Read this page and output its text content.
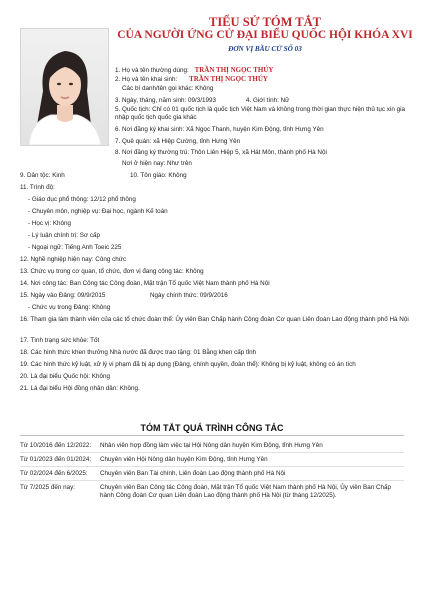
TIỂU SỬ TÓM TẮT
CỦA NGƯỜI ỨNG CỬ ĐẠI BIỂU QUỐC HỘI KHÓA XVI
ĐƠN VỊ BẦU CỬ SỐ 03
1. Họ và tên thường dùng: TRẦN THỊ NGỌC THÚY
2. Họ và tên khai sinh: TRẦN THỊ NGỌC THÚY
Các bí danh/tên gọi khác: Không
3. Ngày, tháng, năm sinh: 09/3/1993	4. Giới tính: Nữ
5. Quốc tịch: Chỉ có 01 quốc tịch là quốc tịch Việt Nam và không trong thời gian thực hiện thủ tục xin gia nhập quốc tịch quốc gia khác
6. Nơi đăng ký khai sinh: Xã Ngọc Thanh, huyện Kim Động, tỉnh Hưng Yên
7. Quê quán: xã Hiệp Cường, tỉnh Hưng Yên
8. Nơi đăng ký thường trú: Thôn Liên Hiệp 5, xã Hát Môn, thành phố Hà Nội
Nơi ở hiện nay: Như trên
9. Dân tộc: Kinh	10. Tôn giáo: Không
11. Trình độ:
- Giáo dục phổ thông: 12/12 phổ thông
- Chuyên môn, nghiệp vụ: Đại học, ngành Kế toán
- Học vị: Không
- Lý luận chính trị: Sơ cấp
- Ngoại ngữ: Tiếng Anh Toeic 225
12. Nghề nghiệp hiện nay: Công chức
13. Chức vụ trong cơ quan, tổ chức, đơn vị đang công tác: Không
14. Nơi công tác: Ban Công tác Công đoàn, Mặt trận Tổ quốc Việt Nam thành phố Hà Nội
15. Ngày vào Đảng: 09/9/2015	Ngày chính thức: 09/9/2016
- Chức vụ trong Đảng: Không
16. Tham gia làm thành viên của các tổ chức đoàn thể: Ủy viên Ban Chấp hành Công đoàn Cơ quan Liên đoàn Lao động thành phố Hà Nội
17. Tình trạng sức khỏe: Tốt
18. Các hình thức khen thưởng Nhà nước đã được trao tặng: 01 Bằng khen cấp tỉnh
19. Các hình thức kỷ luật, xử lý vi phạm đã bị áp dụng (Đảng, chính quyền, đoàn thể): Không bị kỷ luật, không có án tích
20. Là đại biểu Quốc hội: Không
21. Là đại biểu Hội đồng nhân dân: Không.
TÓM TẮT QUÁ TRÌNH CÔNG TÁC
Từ 10/2016 đến 12/2022:	Nhân viên hợp đồng làm việc tại Hội Nông dân huyện Kim Động, tỉnh Hưng Yên
Từ 01/2023 đến 01/2024:	Chuyên viên Hội Nông dân huyện Kim Động, tỉnh Hưng Yên
Từ 02/2024 đến 6/2025:	Chuyên viên Ban Tài chính, Liên đoàn Lao động thành phố Hà Nội
Từ 7/2025 đến nay:	Chuyên viên Ban Công tác Công đoàn, Mặt trận Tổ quốc Việt Nam thành phố Hà Nội, Ủy viên Ban Chấp hành Công đoàn Cơ quan Liên đoàn Lao động thành phố Hà Nội (từ tháng 12/2025).
